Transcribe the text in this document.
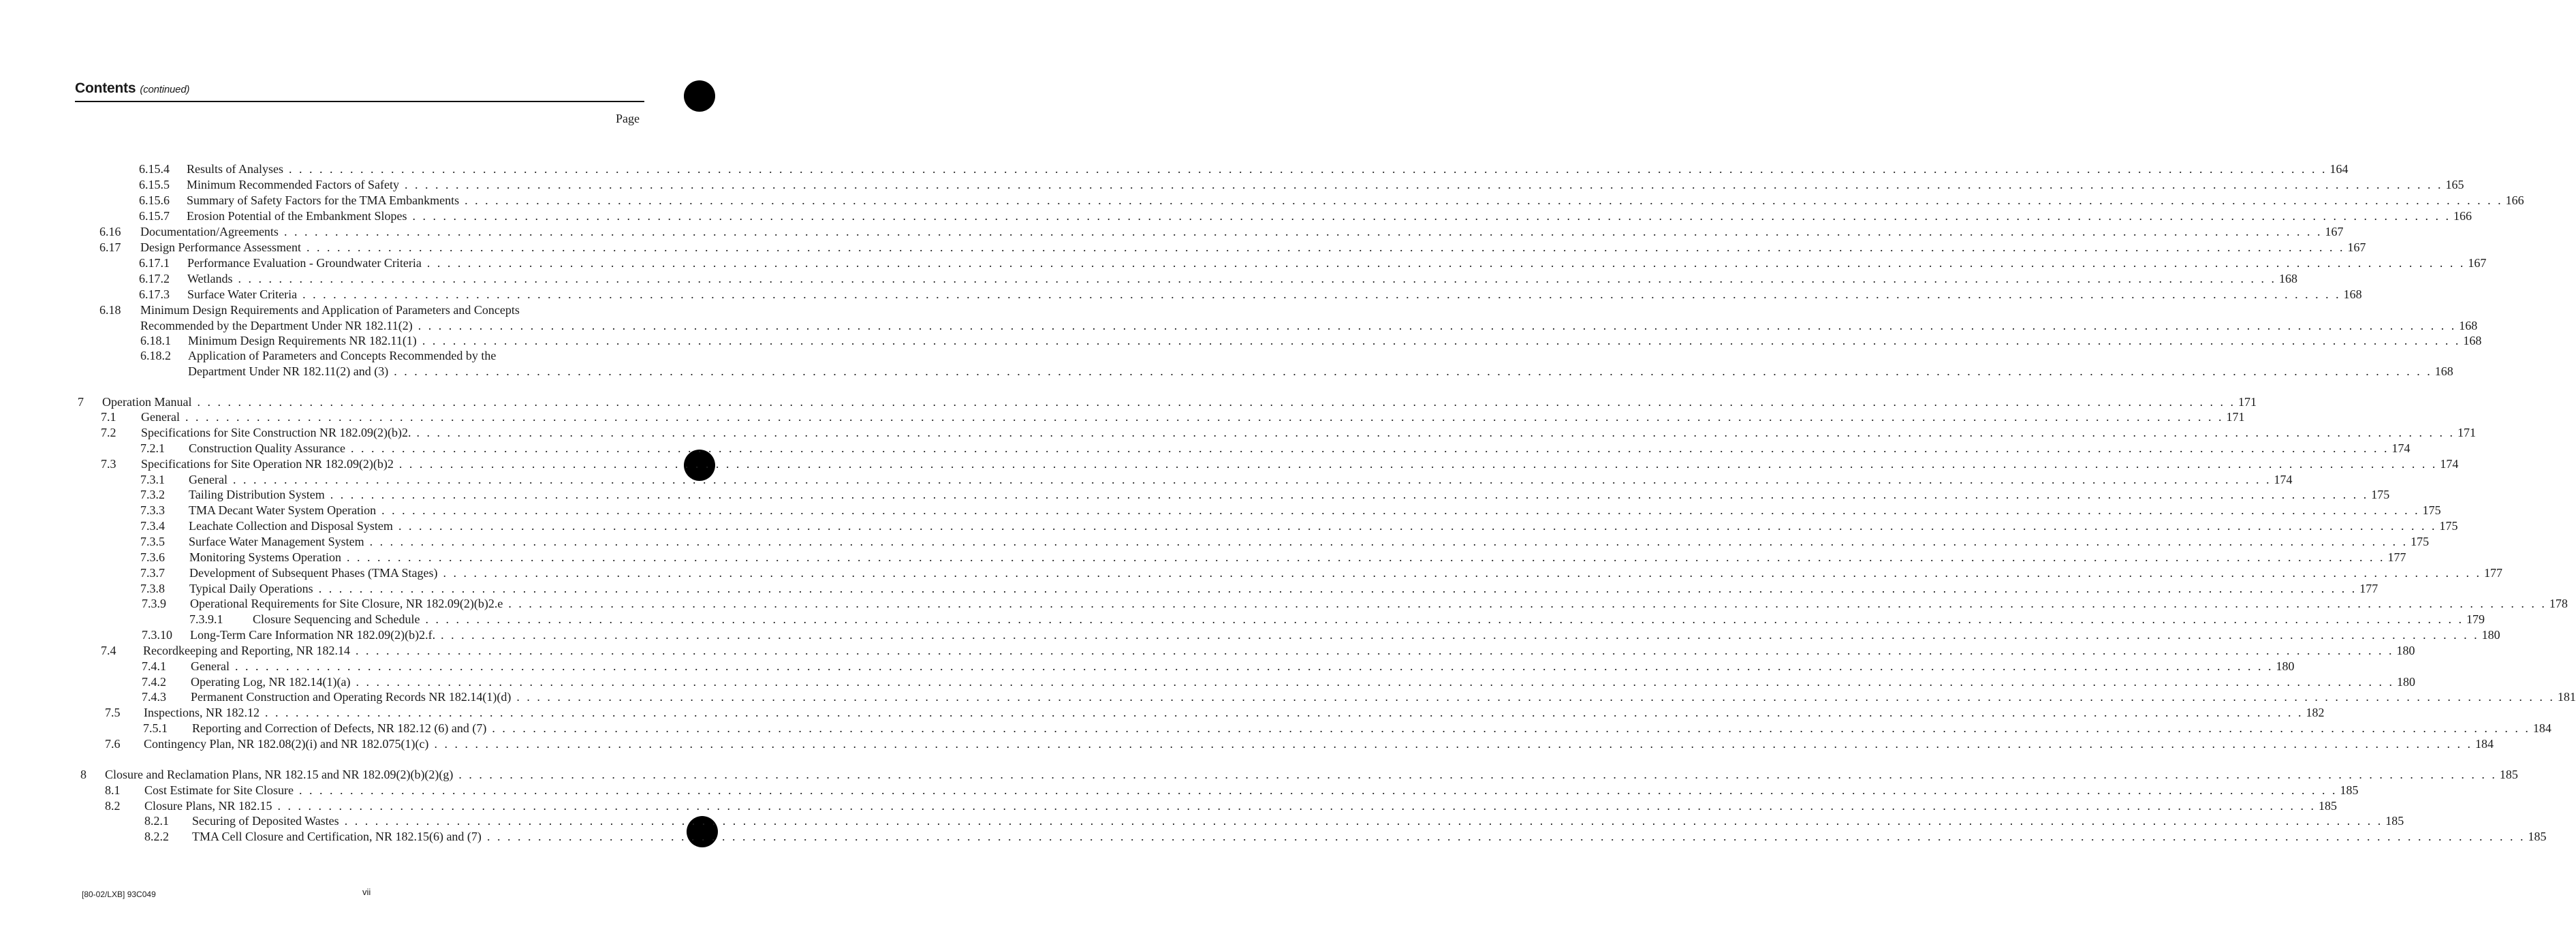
Contents (continued)
Page
6.15.4 Results of Analyses . . . . . . . . . . . . . . . . . . . . . . . . . . . . . . . . . . . . . . . . . . . . . . . . . . . . . . . . . . . . . . . . . . . . . . . . . . . . . . . . . . . . . . . . . . . . . . . . . . . . . . . . . . . . . . . . . . . . . . . . . . . . . . . . . . . . . . . . . . . . . . . . . . . . . . . . . . . . . . . . . . . . . . . . . . . . . . . . . . . . . . . . . . . . . . . . . . . . . . . . 164
6.15.5 Minimum Recommended Factors of Safety . . . . . . . . . . . . . . . . . . . . . . . . . . . . . . . . . . . . . . . . . . . . . . . . . . . . . . . . . . . . . . . . . . . . . . . . . . . . . . . . . . . . . . . . . . . . . . . . . . . . . . . . . . . . . . . . . . . . . . . . . . . . . . . . . . . . . . . . . . . . . . . . . . . . . . . . . . . . . . . . . . . . . . . . . . . . . . . . . . . . . . . . . . . . . . . . . . . . . . . . 165
6.15.6 Summary of Safety Factors for the TMA Embankments . . . . . . . . . . . . . . . . . . . . . . . . . . . . . . . . . . . . . . . . . . . . . . . . . . . . . . . . . . . . . . . . . . . . . . . . . . . . . . . . . . . . . . . . . . . . . . . . . . . . . . . . . . . . . . . . . . . . . . . . . . . . . . . . . . . . . . . . . . . . . . . . . . . . . . . . . . . . . . . . . . . . . . . . . . . . . . . . . . . . . . . . . . . . . . . . . . . . . . . . 166
6.15.7 Erosion Potential of the Embankment Slopes . . . . . . . . . . . . . . . . . . . . . . . . . . . . . . . . . . . . . . . . . . . . . . . . . . . . . . . . . . . . . . . . . . . . . . . . . . . . . . . . . . . . . . . . . . . . . . . . . . . . . . . . . . . . . . . . . . . . . . . . . . . . . . . . . . . . . . . . . . . . . . . . . . . . . . . . . . . . . . . . . . . . . . . . . . . . . . . . . . . . . . . . . . . . . . . . . . . . . . . . 166
6.16 Documentation/Agreements . . . . . . . . . . . . . . . . . . . . . . . . . . . . . . . . . . . . . . . . . . . . . . . . . . . . . . . . . . . . . . . . . . . . . . . . . . . . . . . . . . . . . . . . . . . . . . . . . . . . . . . . . . . . . . . . . . . . . . . . . . . . . . . . . . . . . . . . . . . . . . . . . . . . . . . . . . . . . . . . . . . . . . . . . . . . . . . . . . . . . . . . . . . . . . . . . . . . . . . . 167
6.17 Design Performance Assessment . . . . . . . . . . . . . . . . . . . . . . . . . . . . . . . . . . . . . . . . . . . . . . . . . . . . . . . . . . . . . . . . . . . . . . . . . . . . . . . . . . . . . . . . . . . . . . . . . . . . . . . . . . . . . . . . . . . . . . . . . . . . . . . . . . . . . . . . . . . . . . . . . . . . . . . . . . . . . . . . . . . . . . . . . . . . . . . . . . . . . . . . . . . . . . . . . . . . . . . . 167
6.17.1 Performance Evaluation - Groundwater Criteria . . . . . . . . . . . . . . . . . . . . . . . . . . . . . . . . . . . . . . . . . . . . . . . . . . . . . . . . . . . . . . . . . . . . . . . . . . . . . . . . . . . . . . . . . . . . . . . . . . . . . . . . . . . . . . . . . . . . . . . . . . . . . . . . . . . . . . . . . . . . . . . . . . . . . . . . . . . . . . . . . . . . . . . . . . . . . . . . . . . . . . . . . . . . . . . . . . . . . . . . 167
6.17.2 Wetlands . . . . . . . . . . . . . . . . . . . . . . . . . . . . . . . . . . . . . . . . . . . . . . . . . . . . . . . . . . . . . . . . . . . . . . . . . . . . . . . . . . . . . . . . . . . . . . . . . . . . . . . . . . . . . . . . . . . . . . . . . . . . . . . . . . . . . . . . . . . . . . . . . . . . . . . . . . . . . . . . . . . . . . . . . . . . . . . . . . . . . . . . . . . . . . . . . . . . . . . . 168
6.17.3 Surface Water Criteria . . . . . . . . . . . . . . . . . . . . . . . . . . . . . . . . . . . . . . . . . . . . . . . . . . . . . . . . . . . . . . . . . . . . . . . . . . . . . . . . . . . . . . . . . . . . . . . . . . . . . . . . . . . . . . . . . . . . . . . . . . . . . . . . . . . . . . . . . . . . . . . . . . . . . . . . . . . . . . . . . . . . . . . . . . . . . . . . . . . . . . . . . . . . . . . . . . . . . . . . 168
6.18 Minimum Design Requirements and Application of Parameters and Concepts
Recommended by the Department Under NR 182.11(2) . . . . . . . . . . . . . . . . . . . . . . . . . . . . . . . . . . . . . . . . . . . . . . . . . . . . . . . . . . . . . . . . . . . . . . . . . . . . . . . . . . . . . . . . . . . . . . . . . . . . . . . . . . . . . . . . . . . . . . . . . . . . . . . . . . . . . . . . . . . . . . . . . . . . . . . . . . . . . . . . . . . . . . . . . . . . . . . . . . . . . . . . . . . . . . . . . . . . . . . . 168
6.18.1 Minimum Design Requirements NR 182.11(1) . . . . . . . . . . . . . . . . . . . . . . . . . . . . . . . . . . . . . . . . . . . . . . . . . . . . . . . . . . . . . . . . . . . . . . . . . . . . . . . . . . . . . . . . . . . . . . . . . . . . . . . . . . . . . . . . . . . . . . . . . . . . . . . . . . . . . . . . . . . . . . . . . . . . . . . . . . . . . . . . . . . . . . . . . . . . . . . . . . . . . . . . . . . . . . . . . . . . . . . . 168
6.18.2 Application of Parameters and Concepts Recommended by the
Department Under NR 182.11(2) and (3) . . . . . . . . . . . . . . . . . . . . . . . . . . . . . . . . . . . . . . . . . . . . . . . . . . . . . . . . . . . . . . . . . . . . . . . . . . . . . . . . . . . . . . . . . . . . . . . . . . . . . . . . . . . . . . . . . . . . . . . . . . . . . . . . . . . . . . . . . . . . . . . . . . . . . . . . . . . . . . . . . . . . . . . . . . . . . . . . . . . . . . . . . . . . . . . . . . . . . . . . 168
7 Operation Manual . . . . . . . . . . . . . . . . . . . . . . . . . . . . . . . . . . . . . . . . . . . . . . . . . . . . . . . . . . . . . . . . . . . . . . . . . . . . . . . . . . . . . . . . . . . . . . . . . . . . . . . . . . . . . . . . . . . . . . . . . . . . . . . . . . . . . . . . . . . . . . . . . . . . . . . . . . . . . . . . . . . . . . . . . . . . . . . . . . . . . . . . . . . . . . . . . . . . . . . . 171
7.1 General . . . . . . . . . . . . . . . . . . . . . . . . . . . . . . . . . . . . . . . . . . . . . . . . . . . . . . . . . . . . . . . . . . . . . . . . . . . . . . . . . . . . . . . . . . . . . . . . . . . . . . . . . . . . . . . . . . . . . . . . . . . . . . . . . . . . . . . . . . . . . . . . . . . . . . . . . . . . . . . . . . . . . . . . . . . . . . . . . . . . . . . . . . . . . . . . . . . . . . . . 171
7.2 Specifications for Site Construction NR 182.09(2)(b)2. . . . . . . . . . . . . . . . . . . . . . . . . . . . . . . . . . . . . . . . . . . . . . . . . . . . . . . . . . . . . . . . . . . . . . . . . . . . . . . . . . . . . . . . . . . . . . . . . . . . . . . . . . . . . . . . . . . . . . . . . . . . . . . . . . . . . . . . . . . . . . . . . . . . . . . . . . . . . . . . . . . . . . . . . . . . . . . . . . . . . . . . . . . . . . . . . . . . . . . . . 171
7.2.1 Construction Quality Assurance . . . . . . . . . . . . . . . . . . . . . . . . . . . . . . . . . . . . . . . . . . . . . . . . . . . . . . . . . . . . . . . . . . . . . . . . . . . . . . . . . . . . . . . . . . . . . . . . . . . . . . . . . . . . . . . . . . . . . . . . . . . . . . . . . . . . . . . . . . . . . . . . . . . . . . . . . . . . . . . . . . . . . . . . . . . . . . . . . . . . . . . . . . . . . . . . . . . . . . . . 174
7.3 Specifications for Site Operation NR 182.09(2)(b)2 . . . . . . . . . . . . . . . . . . . . . . . . . . . . . . . . . . . . . . . . . . . . . . . . . . . . . . . . . . . . . . . . . . . . . . . . . . . . . . . . . . . . . . . . . . . . . . . . . . . . . . . . . . . . . . . . . . . . . . . . . . . . . . . . . . . . . . . . . . . . . . . . . . . . . . . . . . . . . . . . . . . . . . . . . . . . . . . . . . . . . . . . . . . . . . . . . . . . . . . . 174
7.3.1 General . . . . . . . . . . . . . . . . . . . . . . . . . . . . . . . . . . . . . . . . . . . . . . . . . . . . . . . . . . . . . . . . . . . . . . . . . . . . . . . . . . . . . . . . . . . . . . . . . . . . . . . . . . . . . . . . . . . . . . . . . . . . . . . . . . . . . . . . . . . . . . . . . . . . . . . . . . . . . . . . . . . . . . . . . . . . . . . . . . . . . . . . . . . . . . . . . . . . . . . . 174
7.3.2 Tailing Distribution System . . . . . . . . . . . . . . . . . . . . . . . . . . . . . . . . . . . . . . . . . . . . . . . . . . . . . . . . . . . . . . . . . . . . . . . . . . . . . . . . . . . . . . . . . . . . . . . . . . . . . . . . . . . . . . . . . . . . . . . . . . . . . . . . . . . . . . . . . . . . . . . . . . . . . . . . . . . . . . . . . . . . . . . . . . . . . . . . . . . . . . . . . . . . . . . . . . . . . . . . 175
7.3.3 TMA Decant Water System Operation . . . . . . . . . . . . . . . . . . . . . . . . . . . . . . . . . . . . . . . . . . . . . . . . . . . . . . . . . . . . . . . . . . . . . . . . . . . . . . . . . . . . . . . . . . . . . . . . . . . . . . . . . . . . . . . . . . . . . . . . . . . . . . . . . . . . . . . . . . . . . . . . . . . . . . . . . . . . . . . . . . . . . . . . . . . . . . . . . . . . . . . . . . . . . . . . . . . . . . . . 175
7.3.4 Leachate Collection and Disposal System . . . . . . . . . . . . . . . . . . . . . . . . . . . . . . . . . . . . . . . . . . . . . . . . . . . . . . . . . . . . . . . . . . . . . . . . . . . . . . . . . . . . . . . . . . . . . . . . . . . . . . . . . . . . . . . . . . . . . . . . . . . . . . . . . . . . . . . . . . . . . . . . . . . . . . . . . . . . . . . . . . . . . . . . . . . . . . . . . . . . . . . . . . . . . . . . . . . . . . . . 175
7.3.5 Surface Water Management System . . . . . . . . . . . . . . . . . . . . . . . . . . . . . . . . . . . . . . . . . . . . . . . . . . . . . . . . . . . . . . . . . . . . . . . . . . . . . . . . . . . . . . . . . . . . . . . . . . . . . . . . . . . . . . . . . . . . . . . . . . . . . . . . . . . . . . . . . . . . . . . . . . . . . . . . . . . . . . . . . . . . . . . . . . . . . . . . . . . . . . . . . . . . . . . . . . . . . . . . 175
7.3.6 Monitoring Systems Operation . . . . . . . . . . . . . . . . . . . . . . . . . . . . . . . . . . . . . . . . . . . . . . . . . . . . . . . . . . . . . . . . . . . . . . . . . . . . . . . . . . . . . . . . . . . . . . . . . . . . . . . . . . . . . . . . . . . . . . . . . . . . . . . . . . . . . . . . . . . . . . . . . . . . . . . . . . . . . . . . . . . . . . . . . . . . . . . . . . . . . . . . . . . . . . . . . . . . . . . . 177
7.3.7 Development of Subsequent Phases (TMA Stages) . . . . . . . . . . . . . . . . . . . . . . . . . . . . . . . . . . . . . . . . . . . . . . . . . . . . . . . . . . . . . . . . . . . . . . . . . . . . . . . . . . . . . . . . . . . . . . . . . . . . . . . . . . . . . . . . . . . . . . . . . . . . . . . . . . . . . . . . . . . . . . . . . . . . . . . . . . . . . . . . . . . . . . . . . . . . . . . . . . . . . . . . . . . . . . . . . . . . . . . . 177
7.3.8 Typical Daily Operations . . . . . . . . . . . . . . . . . . . . . . . . . . . . . . . . . . . . . . . . . . . . . . . . . . . . . . . . . . . . . . . . . . . . . . . . . . . . . . . . . . . . . . . . . . . . . . . . . . . . . . . . . . . . . . . . . . . . . . . . . . . . . . . . . . . . . . . . . . . . . . . . . . . . . . . . . . . . . . . . . . . . . . . . . . . . . . . . . . . . . . . . . . . . . . . . . . . . . . . . 177
7.3.9 Operational Requirements for Site Closure, NR 182.09(2)(b)2.e . . . . . . . . . . . . . . . . . . . . . . . . . . . . . . . . . . . . . . . . . . . . . . . . . . . . . . . . . . . . . . . . . . . . . . . . . . . . . . . . . . . . . . . . . . . . . . . . . . . . . . . . . . . . . . . . . . . . . . . . . . . . . . . . . . . . . . . . . . . . . . . . . . . . . . . . . . . . . . . . . . . . . . . . . . . . . . . . . . . . . . . . . . . . . . . . . . . . . . . . 178
7.3.9.1 Closure Sequencing and Schedule . . . . . . . . . . . . . . . . . . . . . . . . . . . . . . . . . . . . . . . . . . . . . . . . . . . . . . . . . . . . . . . . . . . . . . . . . . . . . . . . . . . . . . . . . . . . . . . . . . . . . . . . . . . . . . . . . . . . . . . . . . . . . . . . . . . . . . . . . . . . . . . . . . . . . . . . . . . . . . . . . . . . . . . . . . . . . . . . . . . . . . . . . . . . . . . . . . . . . . . . 179
7.3.10 Long-Term Care Information NR 182.09(2)(b)2.f. . . . . . . . . . . . . . . . . . . . . . . . . . . . . . . . . . . . . . . . . . . . . . . . . . . . . . . . . . . . . . . . . . . . . . . . . . . . . . . . . . . . . . . . . . . . . . . . . . . . . . . . . . . . . . . . . . . . . . . . . . . . . . . . . . . . . . . . . . . . . . . . . . . . . . . . . . . . . . . . . . . . . . . . . . . . . . . . . . . . . . . . . . . . . . . . . . . . . . . . . 180
7.4 Recordkeeping and Reporting, NR 182.14 . . . . . . . . . . . . . . . . . . . . . . . . . . . . . . . . . . . . . . . . . . . . . . . . . . . . . . . . . . . . . . . . . . . . . . . . . . . . . . . . . . . . . . . . . . . . . . . . . . . . . . . . . . . . . . . . . . . . . . . . . . . . . . . . . . . . . . . . . . . . . . . . . . . . . . . . . . . . . . . . . . . . . . . . . . . . . . . . . . . . . . . . . . . . . . . . . . . . . . . . 180
7.4.1 General . . . . . . . . . . . . . . . . . . . . . . . . . . . . . . . . . . . . . . . . . . . . . . . . . . . . . . . . . . . . . . . . . . . . . . . . . . . . . . . . . . . . . . . . . . . . . . . . . . . . . . . . . . . . . . . . . . . . . . . . . . . . . . . . . . . . . . . . . . . . . . . . . . . . . . . . . . . . . . . . . . . . . . . . . . . . . . . . . . . . . . . . . . . . . . . . . . . . . . . . 180
7.4.2 Operating Log, NR 182.14(1)(a) . . . . . . . . . . . . . . . . . . . . . . . . . . . . . . . . . . . . . . . . . . . . . . . . . . . . . . . . . . . . . . . . . . . . . . . . . . . . . . . . . . . . . . . . . . . . . . . . . . . . . . . . . . . . . . . . . . . . . . . . . . . . . . . . . . . . . . . . . . . . . . . . . . . . . . . . . . . . . . . . . . . . . . . . . . . . . . . . . . . . . . . . . . . . . . . . . . . . . . . . 180
7.4.3 Permanent Construction and Operating Records NR 182.14(1)(d) . . . . . . . . . . . . . . . . . . . . . . . . . . . . . . . . . . . . . . . . . . . . . . . . . . . . . . . . . . . . . . . . . . . . . . . . . . . . . . . . . . . . . . . . . . . . . . . . . . . . . . . . . . . . . . . . . . . . . . . . . . . . . . . . . . . . . . . . . . . . . . . . . . . . . . . . . . . . . . . . . . . . . . . . . . . . . . . . . . . . . . . . . . . . . . . . . . . . . . . . 181
7.5 Inspections, NR 182.12 . . . . . . . . . . . . . . . . . . . . . . . . . . . . . . . . . . . . . . . . . . . . . . . . . . . . . . . . . . . . . . . . . . . . . . . . . . . . . . . . . . . . . . . . . . . . . . . . . . . . . . . . . . . . . . . . . . . . . . . . . . . . . . . . . . . . . . . . . . . . . . . . . . . . . . . . . . . . . . . . . . . . . . . . . . . . . . . . . . . . . . . . . . . . . . . . . . . . . . . . 182
7.5.1 Reporting and Correction of Defects, NR 182.12 (6) and (7) . . . . . . . . . . . . . . . . . . . . . . . . . . . . . . . . . . . . . . . . . . . . . . . . . . . . . . . . . . . . . . . . . . . . . . . . . . . . . . . . . . . . . . . . . . . . . . . . . . . . . . . . . . . . . . . . . . . . . . . . . . . . . . . . . . . . . . . . . . . . . . . . . . . . . . . . . . . . . . . . . . . . . . . . . . . . . . . . . . . . . . . . . . . . . . . . . . . . . . . . 184
7.6 Contingency Plan, NR 182.08(2)(i) and NR 182.075(1)(c) . . . . . . . . . . . . . . . . . . . . . . . . . . . . . . . . . . . . . . . . . . . . . . . . . . . . . . . . . . . . . . . . . . . . . . . . . . . . . . . . . . . . . . . . . . . . . . . . . . . . . . . . . . . . . . . . . . . . . . . . . . . . . . . . . . . . . . . . . . . . . . . . . . . . . . . . . . . . . . . . . . . . . . . . . . . . . . . . . . . . . . . . . . . . . . . . . . . . . . . . 184
8 Closure and Reclamation Plans, NR 182.15 and NR 182.09(2)(b)(2)(g) . . . . . . . . . . . . . . . . . . . . . . . . . . . . . . . . . . . . . . . . . . . . . . . . . . . . . . . . . . . . . . . . . . . . . . . . . . . . . . . . . . . . . . . . . . . . . . . . . . . . . . . . . . . . . . . . . . . . . . . . . . . . . . . . . . . . . . . . . . . . . . . . . . . . . . . . . . . . . . . . . . . . . . . . . . . . . . . . . . . . . . . . . . . . . . . . . . . . . . . . 185
8.1 Cost Estimate for Site Closure . . . . . . . . . . . . . . . . . . . . . . . . . . . . . . . . . . . . . . . . . . . . . . . . . . . . . . . . . . . . . . . . . . . . . . . . . . . . . . . . . . . . . . . . . . . . . . . . . . . . . . . . . . . . . . . . . . . . . . . . . . . . . . . . . . . . . . . . . . . . . . . . . . . . . . . . . . . . . . . . . . . . . . . . . . . . . . . . . . . . . . . . . . . . . . . . . . . . . . . . 185
8.2 Closure Plans, NR 182.15 . . . . . . . . . . . . . . . . . . . . . . . . . . . . . . . . . . . . . . . . . . . . . . . . . . . . . . . . . . . . . . . . . . . . . . . . . . . . . . . . . . . . . . . . . . . . . . . . . . . . . . . . . . . . . . . . . . . . . . . . . . . . . . . . . . . . . . . . . . . . . . . . . . . . . . . . . . . . . . . . . . . . . . . . . . . . . . . . . . . . . . . . . . . . . . . . . . . . . . . . 185
8.2.1 Securing of Deposited Wastes . . . . . . . . . . . . . . . . . . . . . . . . . . . . . . . . . . . . . . . . . . . . . . . . . . . . . . . . . . . . . . . . . . . . . . . . . . . . . . . . . . . . . . . . . . . . . . . . . . . . . . . . . . . . . . . . . . . . . . . . . . . . . . . . . . . . . . . . . . . . . . . . . . . . . . . . . . . . . . . . . . . . . . . . . . . . . . . . . . . . . . . . . . . . . . . . . . . . . . . . 185
8.2.2 TMA Cell Closure and Certification, NR 182.15(6) and (7) . . . . . . . . . . . . . . . . . . . . . . . . . . . . . . . . . . . . . . . . . . . . . . . . . . . . . . . . . . . . . . . . . . . . . . . . . . . . . . . . . . . . . . . . . . . . . . . . . . . . . . . . . . . . . . . . . . . . . . . . . . . . . . . . . . . . . . . . . . . . . . . . . . . . . . . . . . . . . . . . . . . . . . . . . . . . . . . . . . . . . . . . . . . . . . . . . . . . . . . . 185
[80-02/LXB] 93C049	vii
